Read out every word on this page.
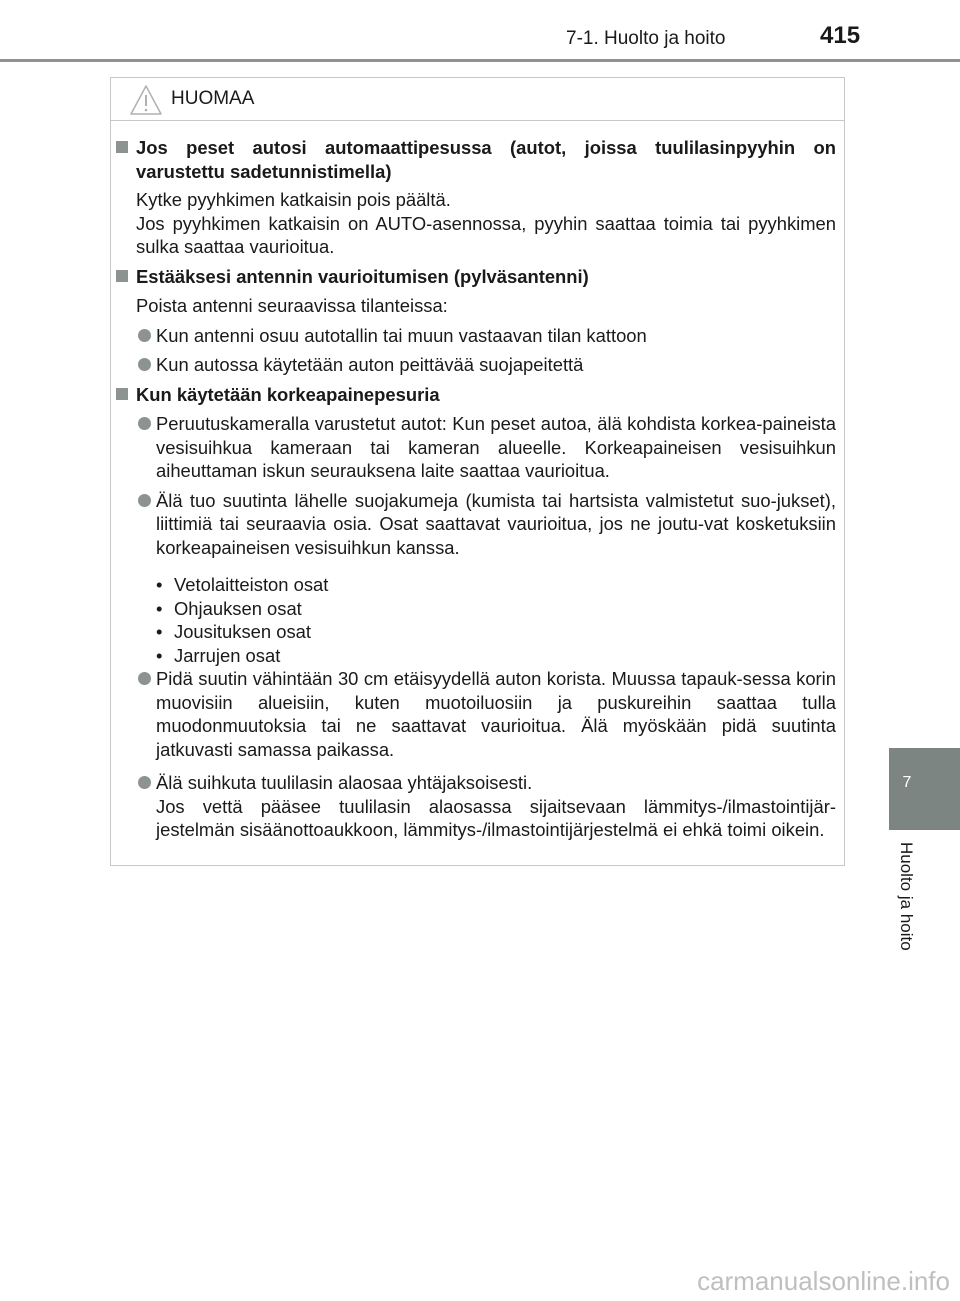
7-1. Huolto ja hoito	415
7
Huolto ja hoito
HUOMAA
Jos peset autosi automaattipesussa (autot, joissa tuulilasinpyyhin on varustettu sadetunnistimella)
Kytke pyyhkimen katkaisin pois päältä.
Jos pyyhkimen katkaisin on AUTO-asennossa, pyyhin saattaa toimia tai pyyhkimen sulka saattaa vaurioitua.
Estääksesi antennin vaurioitumisen (pylväsantenni)
Poista antenni seuraavissa tilanteissa:
Kun antenni osuu autotallin tai muun vastaavan tilan kattoon
Kun autossa käytetään auton peittävää suojapeitettä
Kun käytetään korkeapainepesuria
Peruutuskameralla varustetut autot: Kun peset autoa, älä kohdista korkea-paineista vesisuihkua kameraan tai kameran alueelle. Korkeapaineisen vesisuihkun aiheuttaman iskun seurauksena laite saattaa vaurioitua.
Älä tuo suutinta lähelle suojakumeja (kumista tai hartsista valmistetut suo-jukset), liittimiä tai seuraavia osia. Osat saattavat vaurioitua, jos ne joutu-vat kosketuksiin korkeapaineisen vesisuihkun kanssa.
• Vetolaitteiston osat
• Ohjauksen osat
• Jousituksen osat
• Jarrujen osat
Pidä suutin vähintään 30 cm etäisyydellä auton korista. Muussa tapauk-sessa korin muovisiin alueisiin, kuten muotoiluosiin ja puskureihin saattaa tulla muodonmuutoksia tai ne saattavat vaurioitua. Älä myöskään pidä suutinta jatkuvasti samassa paikassa.
Älä suihkuta tuulilasin alaosaa yhtäjaksoisesti.
Jos vettä pääsee tuulilasin alaosassa sijaitsevaan lämmitys-/ilmastointijär-jestelmän sisäänottoaukkoon, lämmitys-/ilmastointijärjestelmä ei ehkä toimi oikein.
carmanualsonline.info
